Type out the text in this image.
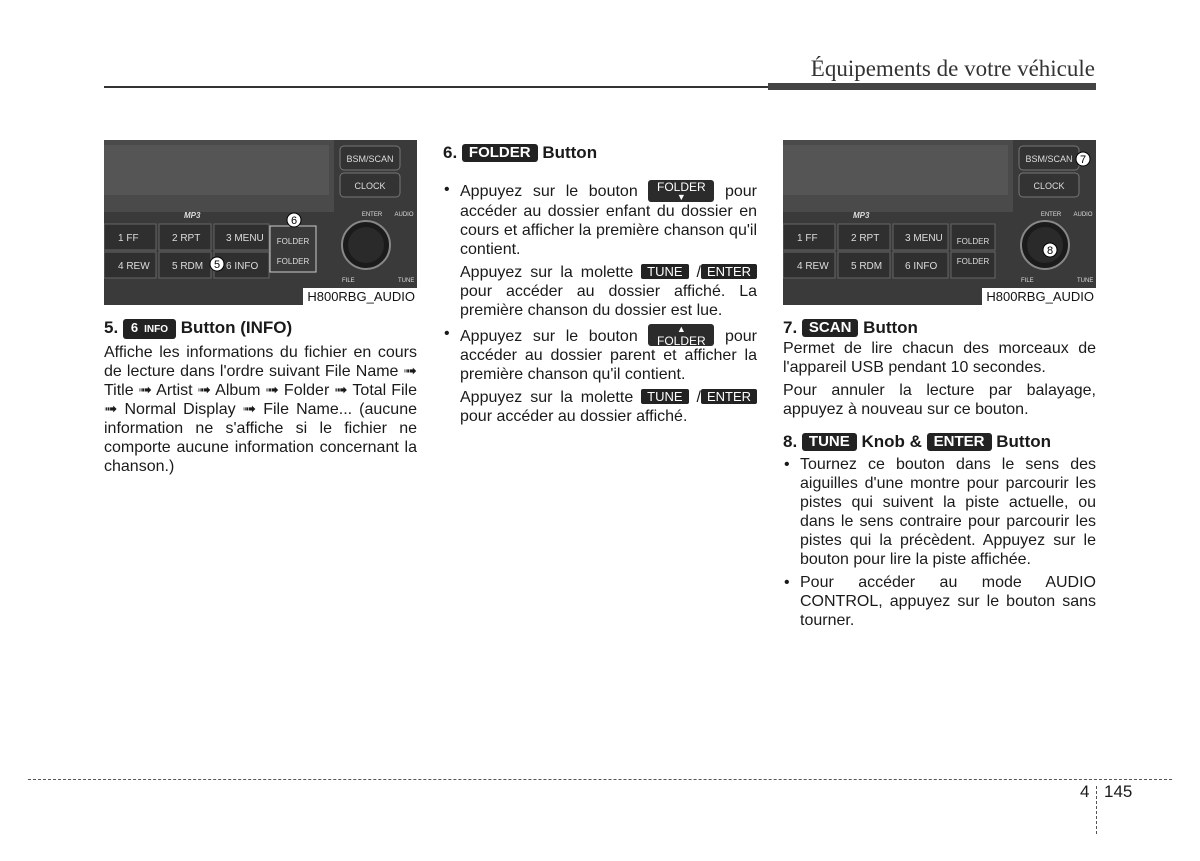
Équipements de votre véhicule
BSM/SCAN
CLOCK
MP3
1 FF	2 RPT	3 MENU
4 REW 5 RDM 6 INFO
FOLDER
FOLDER
ENTER AUDIO
FILE	TUNE
6
5
H800RBG_AUDIO
5. 6 INFO Button (INFO)

Affiche les informations du fichier en cours de lecture dans l'ordre suivant File Name ➟ Title ➟ Artist ➟ Album ➟ Folder ➟ Total File ➟ Normal Display ➟ File Name... (aucune information ne s'affiche si le fichier ne comporte aucune information concernant la chanson.)

6. FOLDER Button
• Appuyez sur le bouton	FOLDER
▼	pour accéder au dossier enfant du dossier en cours et afficher la première chanson qu'il contient.
Appuyez sur la molette TUNE / ENTER pour accéder au dossier affiché. La première chanson du dossier est lue.
• Appuyez sur le bouton	▲
FOLDER	pour accéder au dossier parent et afficher la première chanson qu'il contient.
Appuyez sur la molette TUNE / ENTER pour accéder au dossier affiché.
BSM/SCAN
CLOCK
MP3
1 FF	2 RPT	3 MENU
4 REW 5 RDM 6 INFO
FOLDER
FOLDER
ENTER AUDIO
FILE	TUNE
7
8
H800RBG_AUDIO
7. SCAN Button

Permet de lire chacun des morceaux de l'appareil USB pendant 10 secondes.

Pour annuler la lecture par balayage, appuyez à nouveau sur ce bouton.

8. TUNE Knob & ENTER Button
• Tournez ce bouton dans le sens des aiguilles d'une montre pour parcourir les pistes qui suivent la piste actuelle, ou dans le sens contraire pour parcourir les pistes qui la précèdent. Appuyez sur le bouton pour lire la piste affichée.
• Pour accéder au mode AUDIO CONTROL, appuyez sur le bouton sans tourner.
4 145
